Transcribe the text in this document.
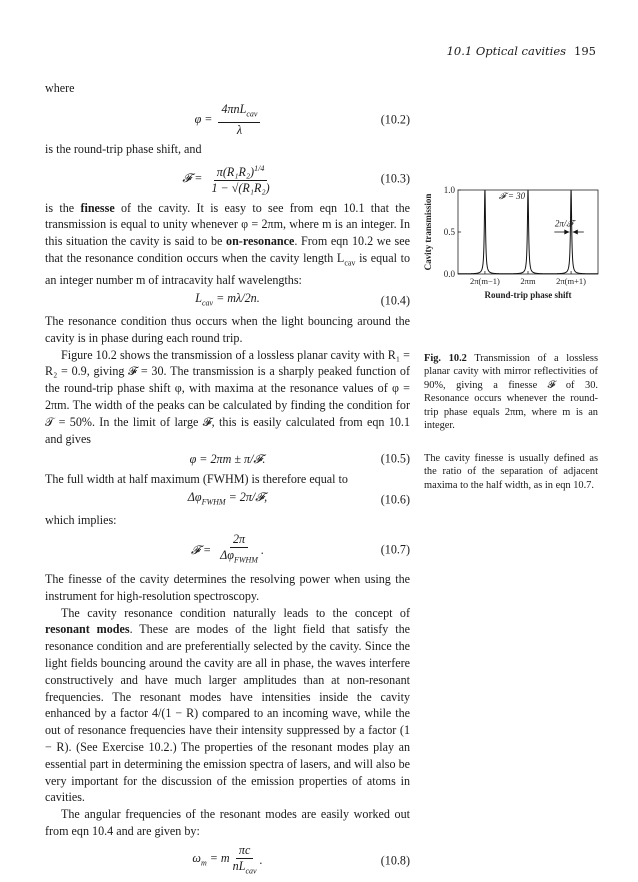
10.1 Optical cavities 195

where

$\varphi = \frac{4\pi nL_{cav}}{\lambda}$	(10.2)

is the round-trip phase shift, and

𝓕 = $\frac{\pi(R_1R_2)^{1/4}}{\text{1 − √(R₁R₂)}}$	(10.3)

is the finesse of the cavity. It is easy to see from eqn 10.1 that the transmission is equal to unity whenever φ = 2πm, where m is an integer. In this situation the cavity is said to be on-resonance. From eqn 10.2 we see that the resonance condition occurs when the cavity length $L_{cav}$ is equal to an integer number m of intracavity half wavelengths:

$L_{cav} = m\lambda/2n$.	(10.4)

The resonance condition thus occurs when the light bouncing around the cavity is in phase during each round trip.

Figure 10.2 shows the transmission of a lossless planar cavity with R₁ = R₂ = 0.9, giving 𝓕 = 30. The transmission is a sharply peaked function of the round-trip phase shift φ, with maxima at the resonance values of φ = 2πm. The width of the peaks can be calculated by finding the condition for 𝒯 = 50%. In the limit of large 𝓕, this is easily calculated from eqn 10.1 and gives

φ = 2πm ± π/𝓕.	(10.5)

The full width at half maximum (FWHM) is therefore equal to

$\Delta\varphi_{FWHM}$ = 2π/𝓕,	(10.6)

which implies:

𝓕 = $\frac{2\pi}{\Delta\varphi_{FWHM}}$ .	(10.7)

The finesse of the cavity determines the resolving power when using the instrument for high-resolution spectroscopy.

The cavity resonance condition naturally leads to the concept of resonant modes. These are modes of the light field that satisfy the resonance condition and are preferentially selected by the cavity. Since the light fields bouncing around the cavity are all in phase, the waves interfere constructively and have much larger amplitudes than at non-resonant frequencies. The resonant modes have intensities inside the cavity enhanced by a factor 4/(1 − R) compared to an incoming wave, while the out of resonance frequencies have their intensity suppressed by a factor (1 − R). (See Exercise 10.2.) The properties of the resonant modes play an essential part in determining the emission spectra of lasers, and will also be very important for the discussion of the emission properties of atoms in cavities.

The angular frequencies of the resonant modes are easily worked out from eqn 10.4 and are given by:

$\omega_m = m \frac{\pi c}{nL_{cav}}$ .	(10.8)
0.0
0.5
1.0
2π(m−1) 2πm 2π(m+1)
Round-trip phase shift
Cavity transmission	𝓕 = 30
2π/𝓕
Fig. 10.2 Transmission of a lossless planar cavity with mirror reflectivities of 90%, giving a finesse 𝓕 of 30. Resonance occurs whenever the round-trip phase equals 2πm, where m is an integer.
The cavity finesse is usually defined as the ratio of the separation of adjacent maxima to the half width, as in eqn 10.7.
